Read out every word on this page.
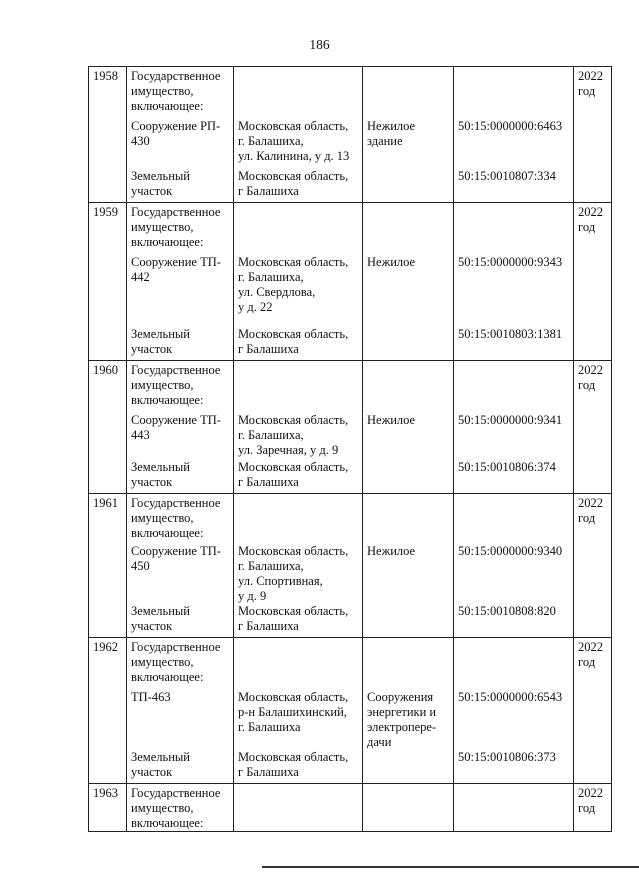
186
1958	Государственное имущество, включающее:				2022
год
	Сооружение РП-
430	Московская область,
г. Балашиха,
ул. Калинина, у д. 13	Нежилое
здание	50:15:0000000:6463	
	Земельный
участок	Московская область,
г Балашиха		50:15:0010807:334	
1959	Государственное имущество, включающее:				2022
год
	Сооружение ТП-
442	Московская область,
г. Балашиха,
ул. Свердлова,
у д. 22	Нежилое	50:15:0000000:9343	
	Земельный
участок	Московская область,
г Балашиха		50:15:0010803:1381	
1960	Государственное имущество, включающее:				2022
год
	Сооружение ТП-
443	Московская область,
г. Балашиха,
ул. Заречная, у д. 9	Нежилое	50:15:0000000:9341	
	Земельный
участок	Московская область,
г Балашиха		50:15:0010806:374	
1961	Государственное имущество, включающее:				2022
год
	Сооружение ТП-
450	Московская область,
г. Балашиха,
ул. Спортивная,
у д. 9	Нежилое	50:15:0000000:9340	
	Земельный
участок	Московская область,
г Балашиха		50:15:0010808:820	
1962	Государственное имущество, включающее:				2022
год
	ТП-463	Московская область,
р-н Балашихинский,
г. Балашиха	Сооружения
энергетики и
электропере-
дачи	50:15:0000000:6543	
	Земельный
участок	Московская область,
г Балашиха		50:15:0010806:373	
1963	Государственное имущество, включающее:				2022
год
